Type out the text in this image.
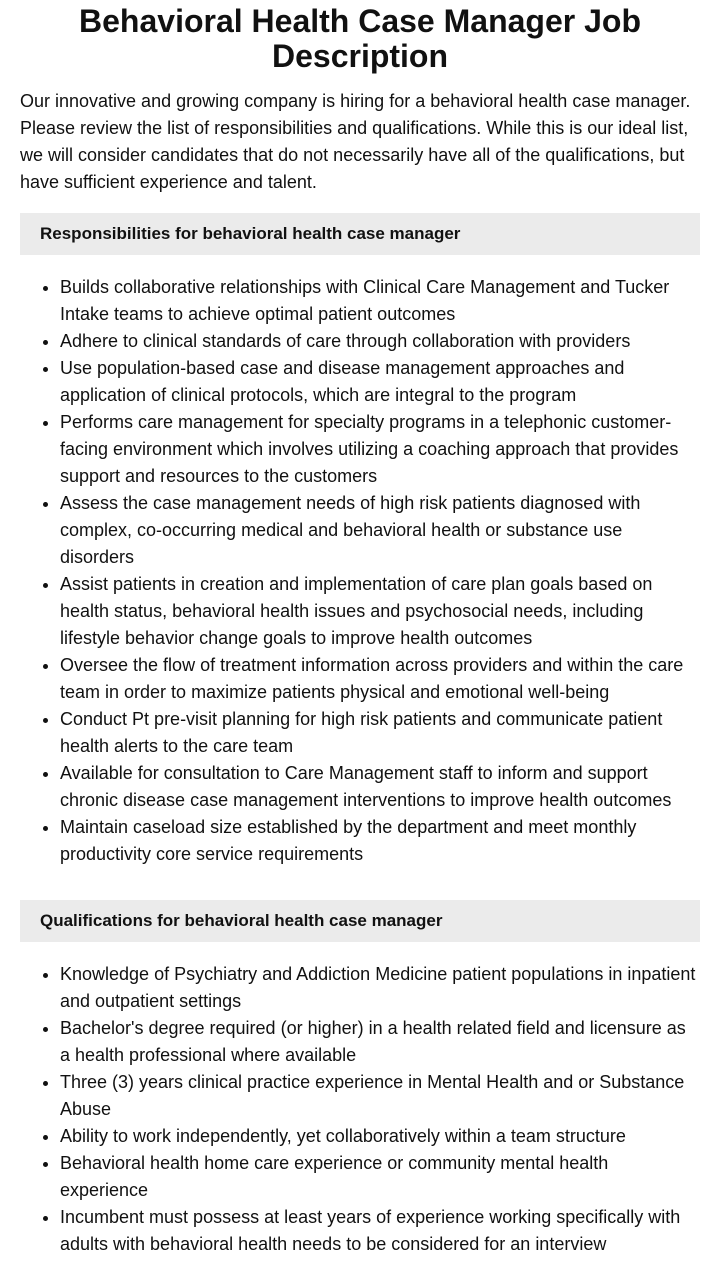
Behavioral Health Case Manager Job Description

Our innovative and growing company is hiring for a behavioral health case manager. Please review the list of responsibilities and qualifications. While this is our ideal list, we will consider candidates that do not necessarily have all of the qualifications, but have sufficient experience and talent.

Responsibilities for behavioral health case manager
• Builds collaborative relationships with Clinical Care Management and Tucker Intake teams to achieve optimal patient outcomes
• Adhere to clinical standards of care through collaboration with providers
• Use population-based case and disease management approaches and application of clinical protocols, which are integral to the program
• Performs care management for specialty programs in a telephonic customer-facing environment which involves utilizing a coaching approach that provides support and resources to the customers
• Assess the case management needs of high risk patients diagnosed with complex, co-occurring medical and behavioral health or substance use disorders
• Assist patients in creation and implementation of care plan goals based on health status, behavioral health issues and psychosocial needs, including lifestyle behavior change goals to improve health outcomes
• Oversee the flow of treatment information across providers and within the care team in order to maximize patients physical and emotional well-being
• Conduct Pt pre-visit planning for high risk patients and communicate patient health alerts to the care team
• Available for consultation to Care Management staff to inform and support chronic disease case management interventions to improve health outcomes
• Maintain caseload size established by the department and meet monthly productivity core service requirements
Qualifications for behavioral health case manager
• Knowledge of Psychiatry and Addiction Medicine patient populations in inpatient and outpatient settings
• Bachelor's degree required (or higher) in a health related field and licensure as a health professional where available
• Three (3) years clinical practice experience in Mental Health and or Substance Abuse
• Ability to work independently, yet collaboratively within a team structure
• Behavioral health home care experience or community mental health experience
• Incumbent must possess at least years of experience working specifically with adults with behavioral health needs to be considered for an interview
